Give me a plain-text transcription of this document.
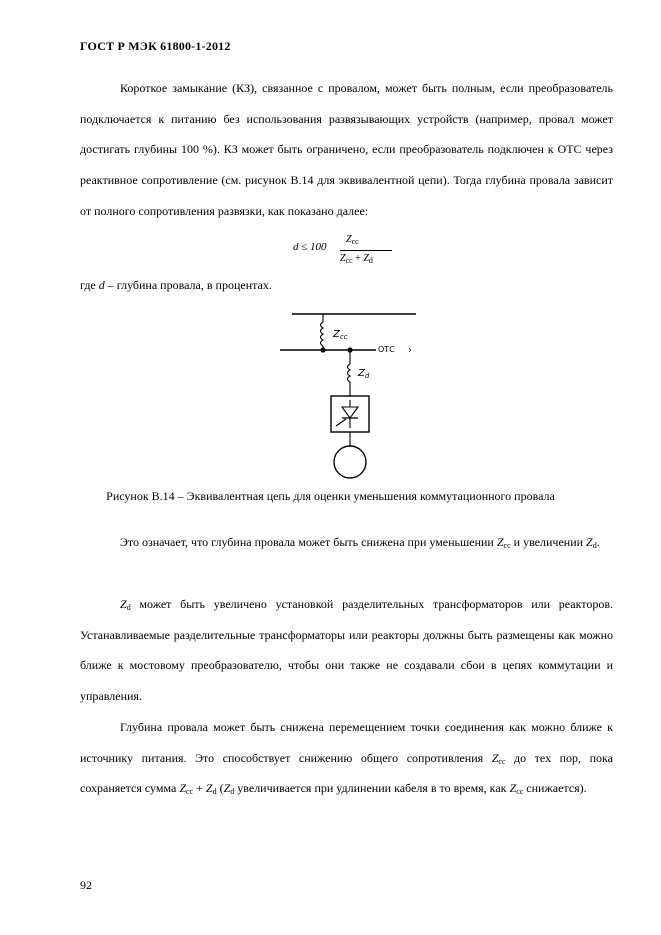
ГОСТ Р МЭК 61800-1-2012

Короткое замыкание (КЗ), связанное с провалом, может быть полным, если преобразователь подключается к питанию без использования развязывающих устройств (например, провал может достигать глубины 100 %). КЗ может быть ограничено, если преобразователь подключен к ОТС через реактивное сопротивление (см. рисунок В.14 для эквивалентной цепи). Тогда глубина провала зависит от полного сопротивления развязки, как показано далее:

d ≤ 100
$Z_{cc}$
$Z_{cc} + Z_d$
где d – глубина провала, в процентах.
$Z_{cc}$
ОТС ›
$Z_d$
Рисунок В.14 – Эквивалентная цепь для оценки уменьшения коммутационного провала

Это означает, что глубина провала может быть снижена при уменьшении $Z_{cc}$ и увеличении $Z_d$.

$Z_d$ может быть увеличено установкой разделительных трансформаторов или реакторов. Устанавливаемые разделительные трансформаторы или реакторы должны быть размещены как можно ближе к мостовому преобразователю, чтобы они также не создавали сбои в цепях коммутации и управления.

Глубина провала может быть снижена перемещением точки соединения как можно ближе к источнику питания. Это способствует снижению общего сопротивления $Z_{cc}$ до тех пор, пока сохраняется сумма $Z_{cc} + Z_d$ ($Z_d$ увеличивается при удлинении кабеля в то время, как $Z_{cc}$ снижается).

92
